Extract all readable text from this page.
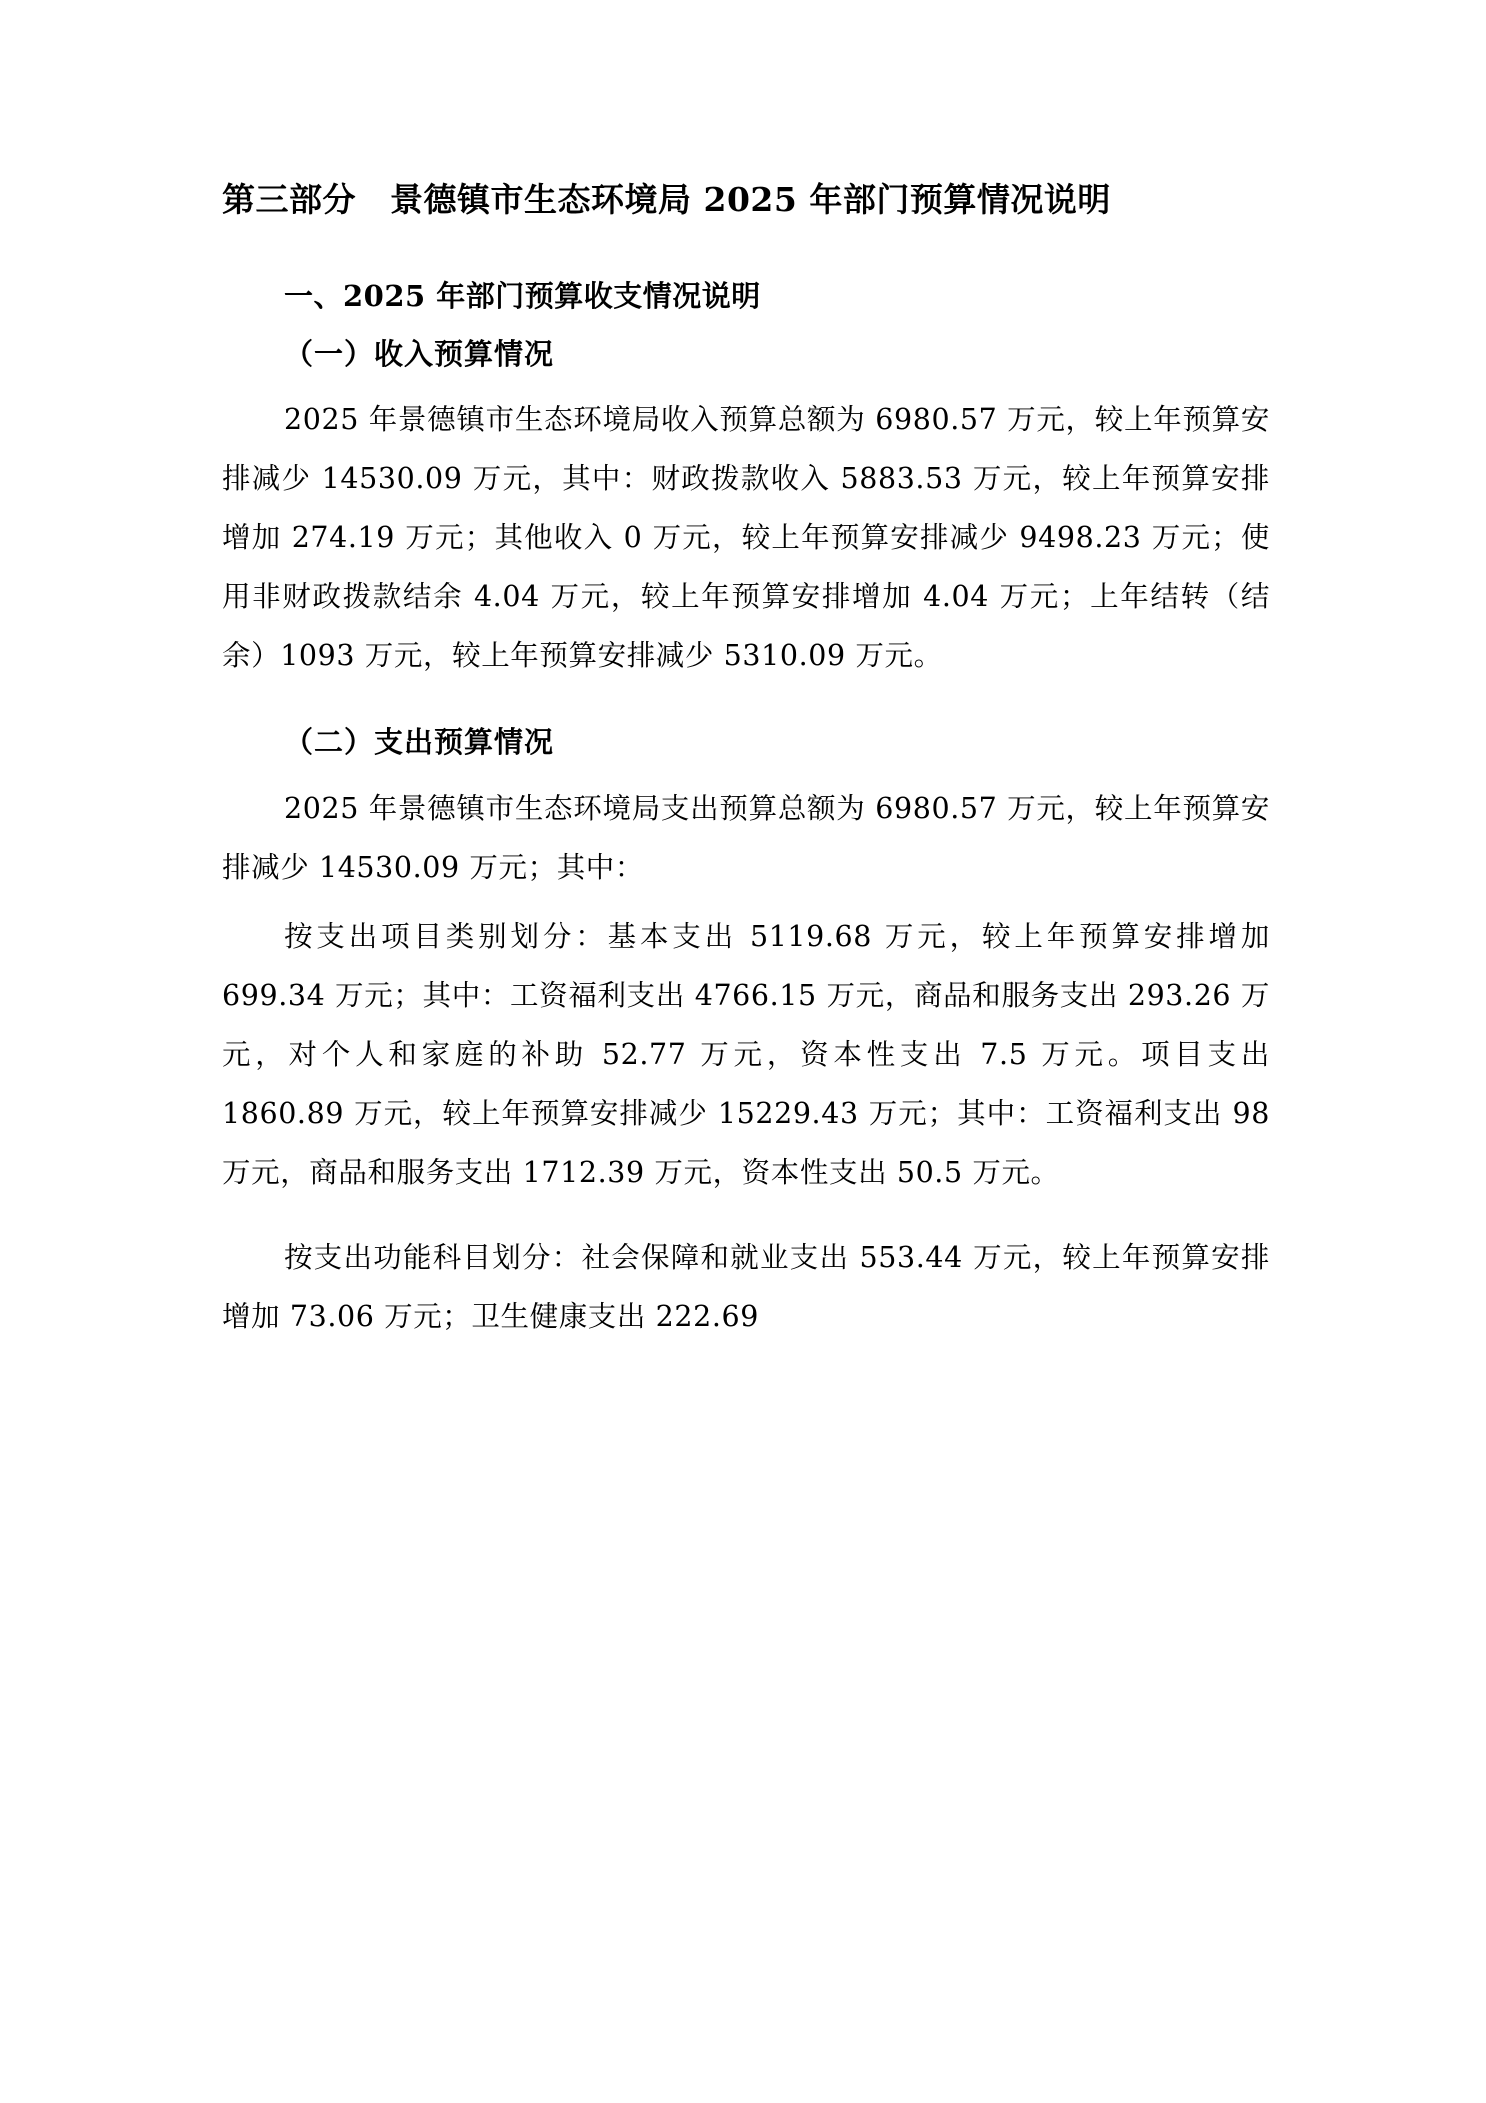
第三部分 景德镇市生态环境局 2025 年部门预算情况说明
一、2025 年部门预算收支情况说明
（一）收入预算情况

2025 年景德镇市生态环境局收入预算总额为 6980.57 万元，较上年预算安排减少 14530.09 万元，其中：财政拨款收入 5883.53 万元，较上年预算安排增加 274.19 万元；其他收入 0 万元，较上年预算安排减少 9498.23 万元；使用非财政拨款结余 4.04 万元，较上年预算安排增加 4.04 万元；上年结转（结余）1093 万元，较上年预算安排减少 5310.09 万元。

（二）支出预算情况

2025 年景德镇市生态环境局支出预算总额为 6980.57 万元，较上年预算安排减少 14530.09 万元；其中：

按支出项目类别划分：基本支出 5119.68 万元，较上年预算安排增加 699.34 万元；其中：工资福利支出 4766.15 万元，商品和服务支出 293.26 万元，对个人和家庭的补助 52.77 万元，资本性支出 7.5 万元。项目支出 1860.89 万元，较上年预算安排减少 15229.43 万元；其中：工资福利支出 98 万元，商品和服务支出 1712.39 万元，资本性支出 50.5 万元。

按支出功能科目划分：社会保障和就业支出 553.44 万元，较上年预算安排增加 73.06 万元；卫生健康支出 222.69
